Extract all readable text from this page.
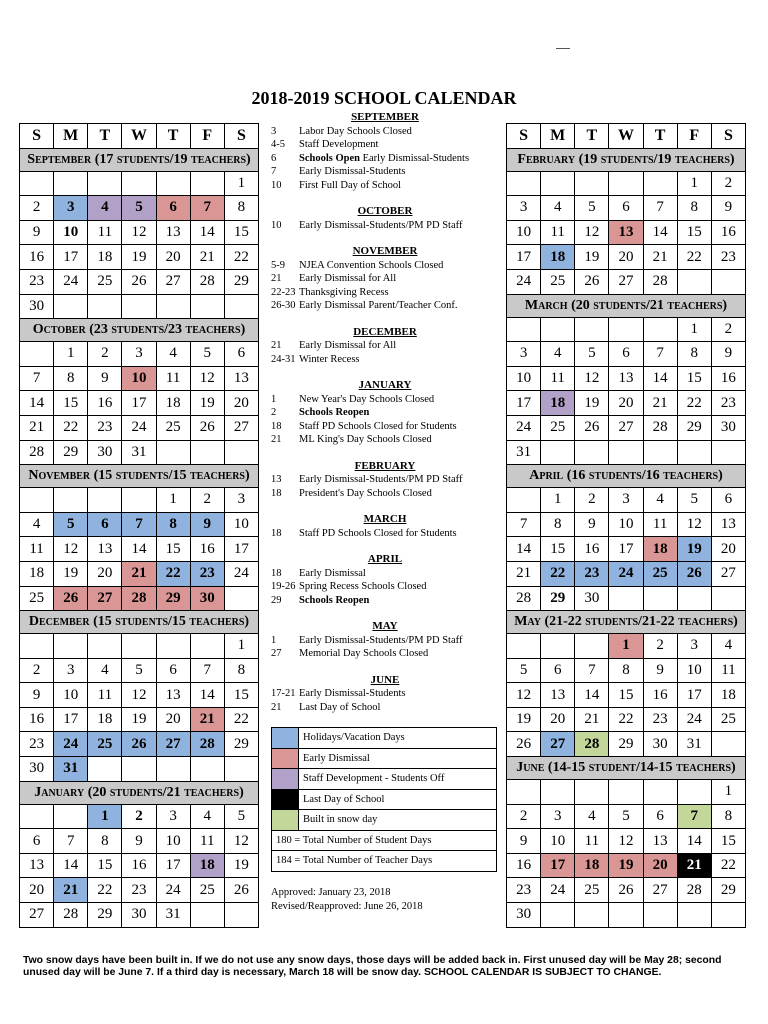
2018-2019 SCHOOL CALENDAR
S	M	T	W	T	F	S
September (17 students/19 teachers)						
						1
2	3	4	5	6	7	8
9	10	11	12	13	14	15
16	17	18	19	20	21	22
23	24	25	26	27	28	29
30						
October (23 students/23 teachers)						
	1	2	3	4	5	6
7	8	9	10	11	12	13
14	15	16	17	18	19	20
21	22	23	24	25	26	27
28	29	30	31			
November (15 students/15 teachers)						
				1	2	3
4	5	6	7	8	9	10
11	12	13	14	15	16	17
18	19	20	21	22	23	24
25	26	27	28	29	30	
December (15 students/15 teachers)						
						1
2	3	4	5	6	7	8
9	10	11	12	13	14	15
16	17	18	19	20	21	22
23	24	25	26	27	28	29
30	31					
January (20 students/21 teachers)						
		1	2	3	4	5
6	7	8	9	10	11	12
13	14	15	16	17	18	19
20	21	22	23	24	25	26
27	28	29	30	31		
S	M	T	W	T	F	S
February (19 students/19 teachers)						
					1	2
3	4	5	6	7	8	9
10	11	12	13	14	15	16
17	18	19	20	21	22	23
24	25	26	27	28		
March (20 students/21 teachers)						
					1	2
3	4	5	6	7	8	9
10	11	12	13	14	15	16
17	18	19	20	21	22	23
24	25	26	27	28	29	30
31						
April (16 students/16 teachers)						
	1	2	3	4	5	6
7	8	9	10	11	12	13
14	15	16	17	18	19	20
21	22	23	24	25	26	27
28	29	30				
May (21-22 students/21-22 teachers)						
			1	2	3	4
5	6	7	8	9	10	11
12	13	14	15	16	17	18
19	20	21	22	23	24	25
26	27	28	29	30	31	
June (14-15 student/14-15 teachers)						
						1
2	3	4	5	6	7	8
9	10	11	12	13	14	15
16	17	18	19	20	21	22
23	24	25	26	27	28	29
30						
SEPTEMBER
3	Labor Day Schools Closed
4-5	Staff Development
6	Schools Open Early Dismissal-Students
7	Early Dismissal-Students
10	First Full Day of School
OCTOBER
10	Early Dismissal-Students/PM PD Staff
NOVEMBER
5-9	NJEA Convention Schools Closed
21	Early Dismissal for All
22-23 Thanksgiving Recess
26-30 Early Dismissal Parent/Teacher Conf.
DECEMBER
21	Early Dismissal for All
24-31 Winter Recess
JANUARY
1	New Year's Day Schools Closed
2	Schools Reopen
18	Staff PD Schools Closed for Students
21	ML King's Day Schools Closed
FEBRUARY
13	Early Dismissal-Students/PM PD Staff
18	President's Day Schools Closed
MARCH
18	Staff PD Schools Closed for Students
APRIL
18	Early Dismissal
19-26 Spring Recess Schools Closed
29	Schools Reopen
MAY
1	Early Dismissal-Students/PM PD Staff
27	Memorial Day Schools Closed
JUNE
17-21 Early Dismissal-Students
21	Last Day of School
	Holidays/Vacation Days
	Early Dismissal
	Staff Development - Students Off
	Last Day of School
	Built in snow day
180 = Total Number of Student Days	
184 = Total Number of Teacher Days	
Approved: January 23, 2018
Revised/Reapproved: June 26, 2018
Two snow days have been built in. If we do not use any snow days, those days will be added back in. First unused day will be May 28; second unused day will be June 7. If a third day is necessary, March 18 will be snow day. SCHOOL CALENDAR IS SUBJECT TO CHANGE.
